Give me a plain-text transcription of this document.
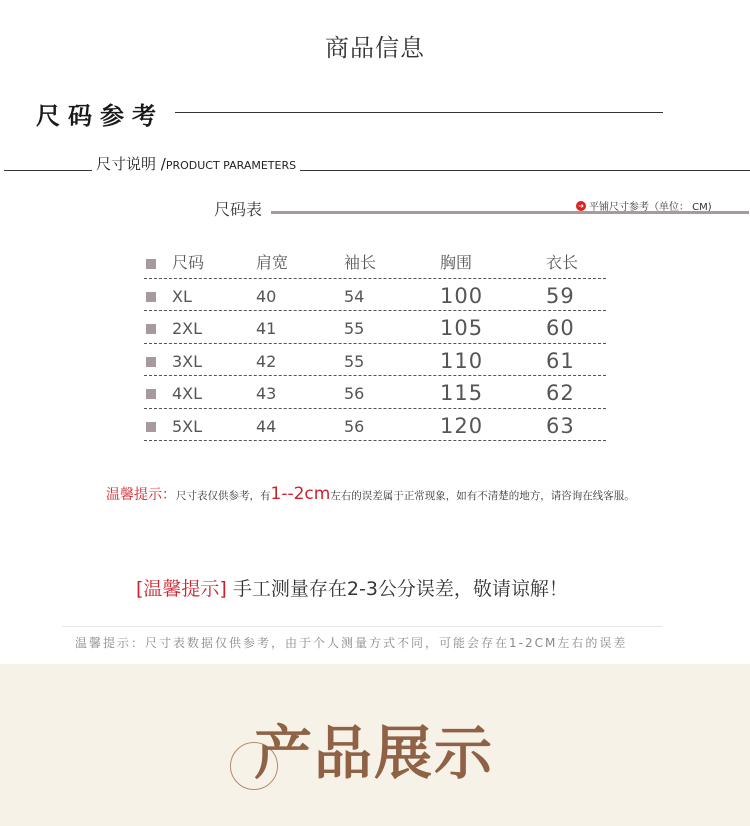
商品信息
尺码参考
尺寸说明 /PRODUCT PARAMETERS
尺码表	➜ 平铺尺寸参考（单位： CM)
尺码	肩宽	袖长	胸围	衣长
XL	40	54	100	59
2XL	41	55	105	60
3XL	42	55	110	61
4XL	43	56	115	62
5XL	44	56	120	63
温馨提示：尺寸表仅供参考，有1--2cm左右的误差属于正常现象，如有不清楚的地方，请咨询在线客服。
[温馨提示] 手工测量存在2-3公分误差，敬请谅解！
温馨提示：尺寸表数据仅供参考，由于个人测量方式不同，可能会存在1-2CM左右的误差
产品展示
